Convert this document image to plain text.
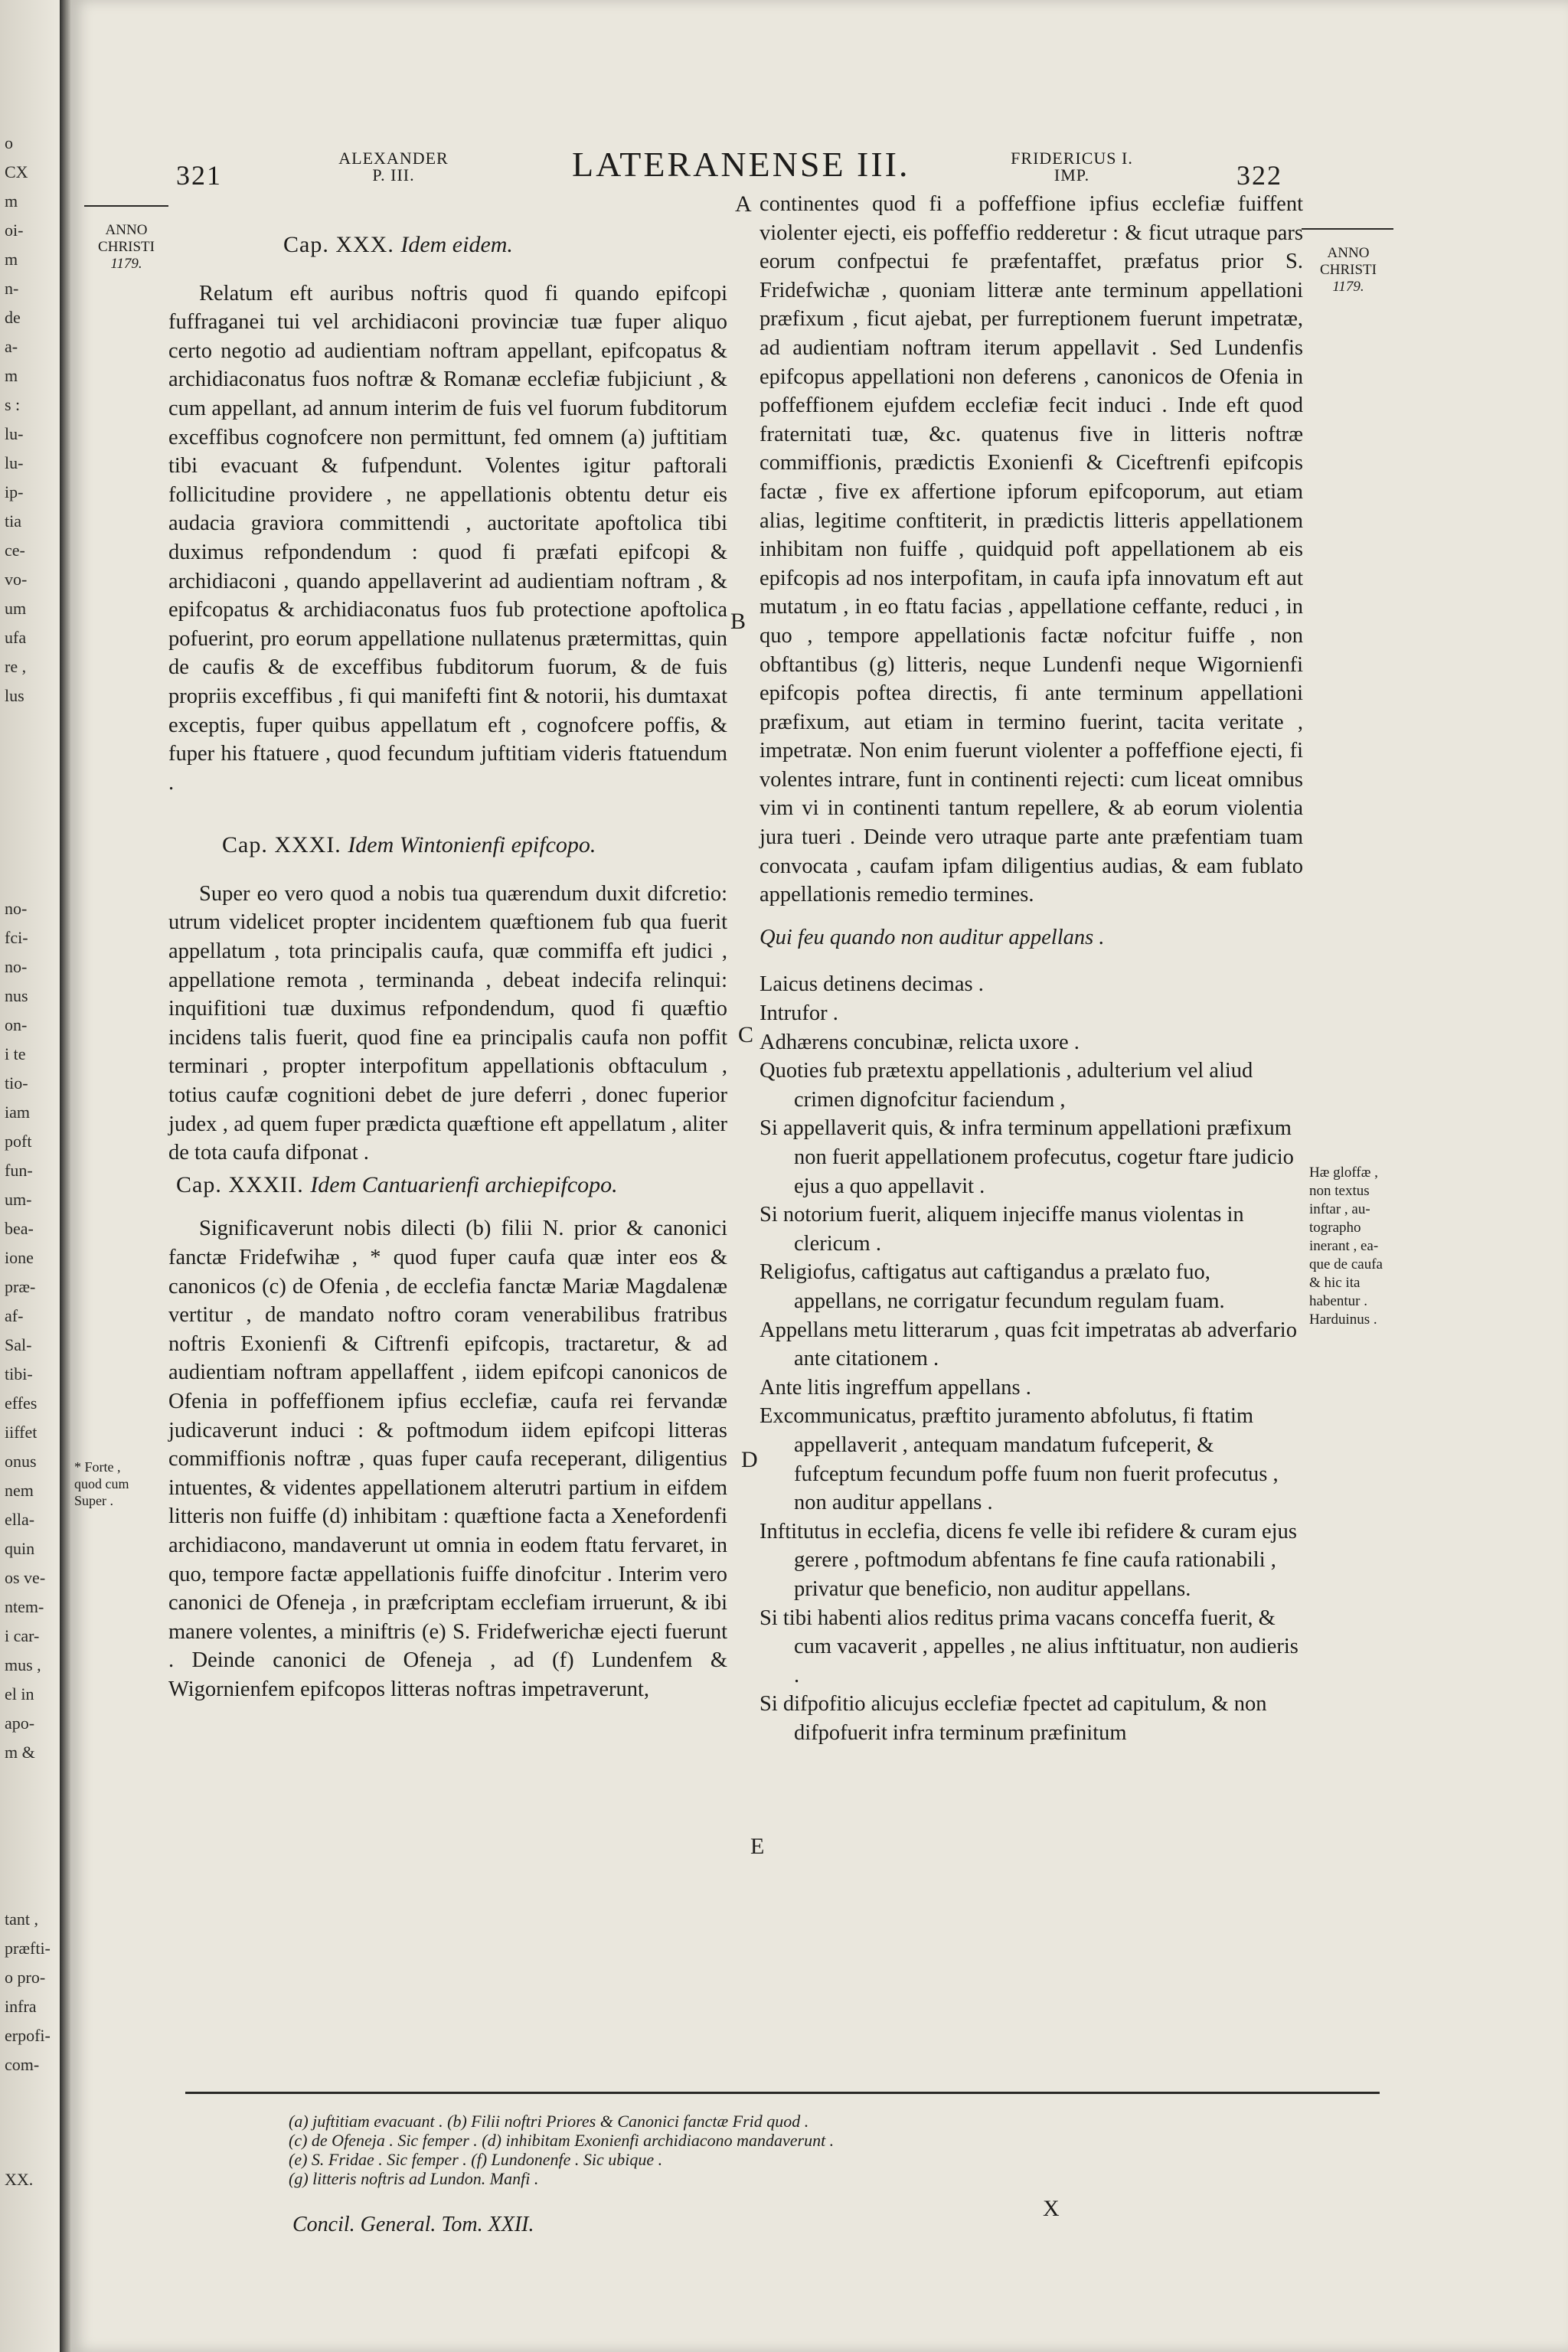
o
CX
m
oi-
m
n-
de
a-
m
s :
lu-
lu-
ip-
tia
ce-
vo-
um
ufa
re ,
lus
no-
fci-
no-
nus
on-
i te
tio-
iam
poft
fun-
um-
bea-
ione
præ-
af-
Sal-
tibi-
effes
iiffet
onus
nem
ella-
quin
os ve-
ntem-
i car-
mus ,
el in
apo-
m &
tant ,
præfti-
o pro-
infra
erpofi-
com-
XX.
321
ALEXANDER
P. III.	LATERANENSE III.	FRIDERICUS I.
IMP.	322
ANNO
CHRISTI
1179.
ANNO
CHRISTI
1179.
* Forte ,
quod cum
Super .
Hæ gloffæ ,
non textus
inftar , au-
tographo
inerant , ea-
que de caufa
& hic ita
habentur .
Harduinus .
A
B
C
D
E

Cap. XXX. Idem eidem.

Relatum eft auribus noftris quod fi quando epifcopi fuffraganei tui vel archidiaconi provinciæ tuæ fuper aliquo certo negotio ad audientiam noftram appellant, epifcopatus & archidiaconatus fuos noftræ & Romanæ ecclefiæ fubjiciunt , & cum appellant, ad annum interim de fuis vel fuorum fubditorum exceffibus cognofcere non permittunt, fed omnem (a) juftitiam tibi evacuant & fufpendunt. Volentes igitur paftorali follicitudine providere , ne appellationis obtentu detur eis audacia graviora committendi , auctoritate apoftolica tibi duximus refpondendum : quod fi præfati epifcopi & archidiaconi , quando appellaverint ad audientiam noftram , & epifcopatus & archidiaconatus fuos fub protectione apoftolica pofuerint, pro eorum appellatione nullatenus prætermittas, quin de caufis & de exceffibus fubditorum fuorum, & de fuis propriis exceffibus , fi qui manifefti fint & notorii, his dumtaxat exceptis, fuper quibus appellatum eft , cognofcere poffis, & fuper his ftatuere , quod fecundum juftitiam videris ftatuendum .

Cap. XXXI. Idem Wintonienfi epifcopo.

Super eo vero quod a nobis tua quærendum duxit difcretio: utrum videlicet propter incidentem quæftionem fub qua fuerit appellatum , tota principalis caufa, quæ commiffa eft judici , appellatione remota , terminanda , debeat indecifa relinqui: inquifitioni tuæ duximus refpondendum, quod fi quæftio incidens talis fuerit, quod fine ea principalis caufa non poffit terminari , propter interpofitum appellationis obftaculum , totius caufæ cognitioni debet de jure deferri , donec fuperior judex , ad quem fuper prædicta quæftione eft appellatum , aliter de tota caufa difponat .

Cap. XXXII. Idem Cantuarienfi archiepifcopo.

Significaverunt nobis dilecti (b) filii N. prior & canonici fanctæ Fridefwihæ , * quod fuper caufa quæ inter eos & canonicos (c) de Ofenia , de ecclefia fanctæ Mariæ Magdalenæ vertitur , de mandato noftro coram venerabilibus fratribus noftris Exonienfi & Ciftrenfi epifcopis, tractaretur, & ad audientiam noftram appellaffent , iidem epifcopi canonicos de Ofenia in poffeffionem ipfius ecclefiæ, caufa rei fervandæ judicaverunt induci : & poftmodum iidem epifcopi litteras commiffionis noftræ , quas fuper caufa receperant, diligentius intuentes, & videntes appellationem alterutri partium in eifdem litteris non fuiffe (d) inhibitam : quæftione facta a Xenefordenfi archidiacono, mandaverunt ut omnia in eodem ftatu fervaret, in quo, tempore factæ appellationis fuiffe dinofcitur . Interim vero canonici de Ofeneja , in præfcriptam ecclefiam irruerunt, & ibi manere volentes, a miniftris (e) S. Fridefwerichæ ejecti fuerunt . Deinde canonici de Ofeneja , ad (f) Lundenfem & Wigornienfem epifcopos litteras noftras impetraverunt,

continentes quod fi a poffeffione ipfius ecclefiæ fuiffent violenter ejecti, eis poffeffio redderetur : & ficut utraque pars eorum confpectui fe præfentaffet, præfatus prior S. Fridefwichæ , quoniam litteræ ante terminum appellationi præfixum , ficut ajebat, per furreptionem fuerunt impetratæ, ad audientiam noftram iterum appellavit . Sed Lundenfis epifcopus appellationi non deferens , canonicos de Ofenia in poffeffionem ejufdem ecclefiæ fecit induci . Inde eft quod fraternitati tuæ, &c. quatenus five in litteris noftræ commiffionis, prædictis Exonienfi & Ciceftrenfi epifcopis factæ , five ex affertione ipforum epifcoporum, aut etiam alias, legitime conftiterit, in prædictis litteris appellationem inhibitam non fuiffe , quidquid poft appellationem ab eis epifcopis ad nos interpofitam, in caufa ipfa innovatum eft aut mutatum , in eo ftatu facias , appellatione ceffante, reduci , in quo , tempore appellationis factæ nofcitur fuiffe , non obftantibus (g) litteris, neque Lundenfi neque Wigornienfi epifcopis poftea directis, fi ante terminum appellationi præfixum, aut etiam in termino fuerint, tacita veritate , impetratæ. Non enim fuerunt violenter a poffeffione ejecti, fi volentes intrare, funt in continenti rejecti: cum liceat omnibus vim vi in continenti tantum repellere, & ab eorum violentia jura tueri . Deinde vero utraque parte ante præfentiam tuam convocata , caufam ipfam diligentius audias, & eam fublato appellationis remedio termines.

Qui feu quando non auditur appellans .

Laicus detinens decimas .

Intrufor .

Adhærens concubinæ, relicta uxore .

Quoties fub prætextu appellationis , adulterium vel aliud crimen dignofcitur faciendum ,

Si appellaverit quis, & infra terminum appellationi præfixum non fuerit appellationem profecutus, cogetur ftare judicio ejus a quo appellavit .

Si notorium fuerit, aliquem injeciffe manus violentas in clericum .

Religiofus, caftigatus aut caftigandus a prælato fuo, appellans, ne corrigatur fecundum regulam fuam.

Appellans metu litterarum , quas fcit impetratas ab adverfario ante citationem .

Ante litis ingreffum appellans .

Excommunicatus, præftito juramento abfolutus, fi ftatim appellaverit , antequam mandatum fufceperit, & fufceptum fecundum poffe fuum non fuerit profecutus , non auditur appellans .

Inftitutus in ecclefia, dicens fe velle ibi refidere & curam ejus gerere , poftmodum abfentans fe fine caufa rationabili , privatur que beneficio, non auditur appellans.

Si tibi habenti alios reditus prima vacans conceffa fuerit, & cum vacaverit , appelles , ne alius inftituatur, non audieris .

Si difpofitio alicujus ecclefiæ fpectet ad capitulum, & non difpofuerit infra terminum præfinitum

(a) juftitiam evacuant . (b) Filii noftri Priores & Canonici fanctæ Frid quod .
(c) de Ofeneja . Sic femper . (d) inhibitam Exonienfi archidiacono mandaverunt .
(e) S. Fridae . Sic femper . (f) Lundonenfe . Sic ubique .
(g) litteris noftris ad Lundon. Manfi .
Concil. General. Tom. XXII.
X
